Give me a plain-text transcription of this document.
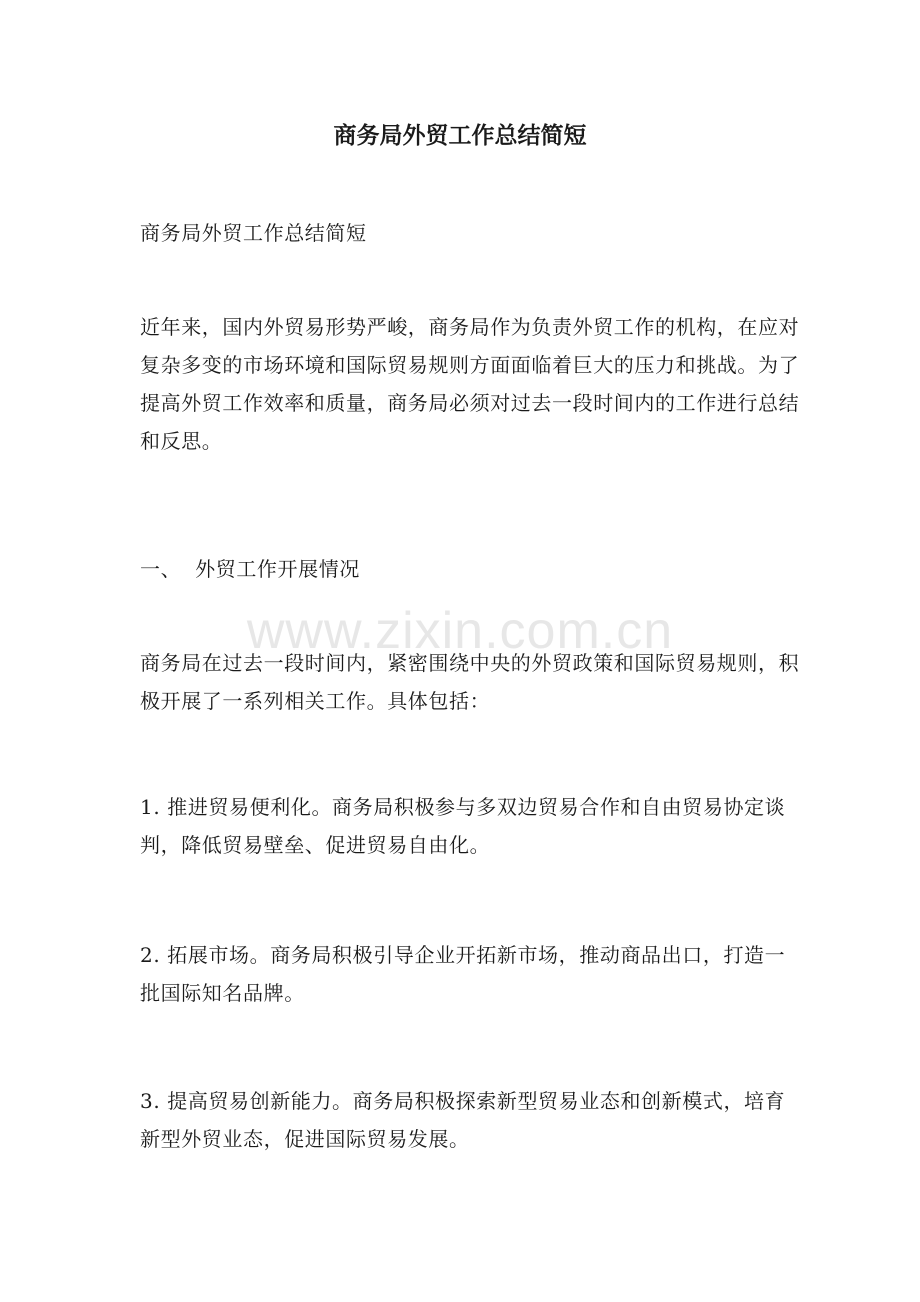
商务局外贸工作总结简短

商务局外贸工作总结简短

近年来，国内外贸易形势严峻，商务局作为负责外贸工作的机构，在应对复杂多变的市场环境和国际贸易规则方面面临着巨大的压力和挑战。为了提高外贸工作效率和质量，商务局必须对过去一段时间内的工作进行总结和反思。

一、  外贸工作开展情况

www.zixin.com.cn

商务局在过去一段时间内，紧密围绕中央的外贸政策和国际贸易规则，积极开展了一系列相关工作。具体包括：

1. 推进贸易便利化。商务局积极参与多双边贸易合作和自由贸易协定谈判，降低贸易壁垒、促进贸易自由化。

2. 拓展市场。商务局积极引导企业开拓新市场，推动商品出口，打造一批国际知名品牌。

3. 提高贸易创新能力。商务局积极探索新型贸易业态和创新模式，培育新型外贸业态，促进国际贸易发展。
